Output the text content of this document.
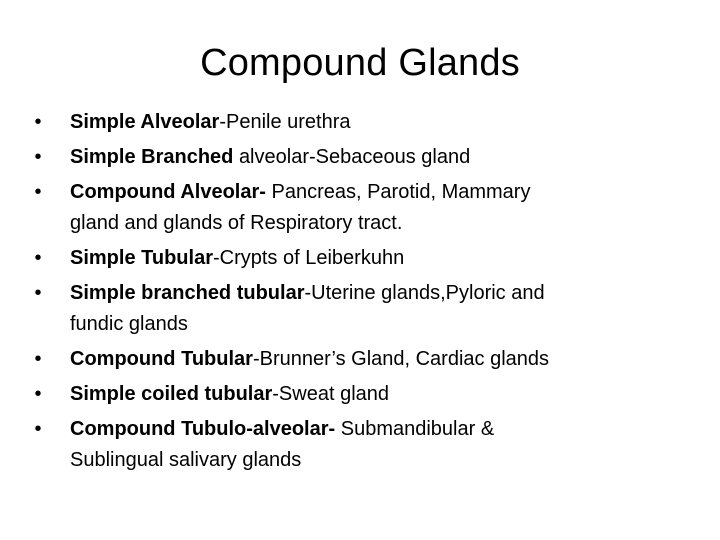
Compound Glands
•	Simple Alveolar-Penile urethra
•	Simple Branched alveolar-Sebaceous gland
•	Compound Alveolar- Pancreas, Parotid, Mammary
gland and glands of Respiratory tract.
•	Simple Tubular-Crypts of Leiberkuhn
•	Simple branched tubular-Uterine glands,Pyloric and
fundic glands
•	Compound Tubular-Brunner’s Gland, Cardiac glands
•	Simple coiled tubular-Sweat gland
•	Compound Tubulo-alveolar- Submandibular &
Sublingual salivary glands
